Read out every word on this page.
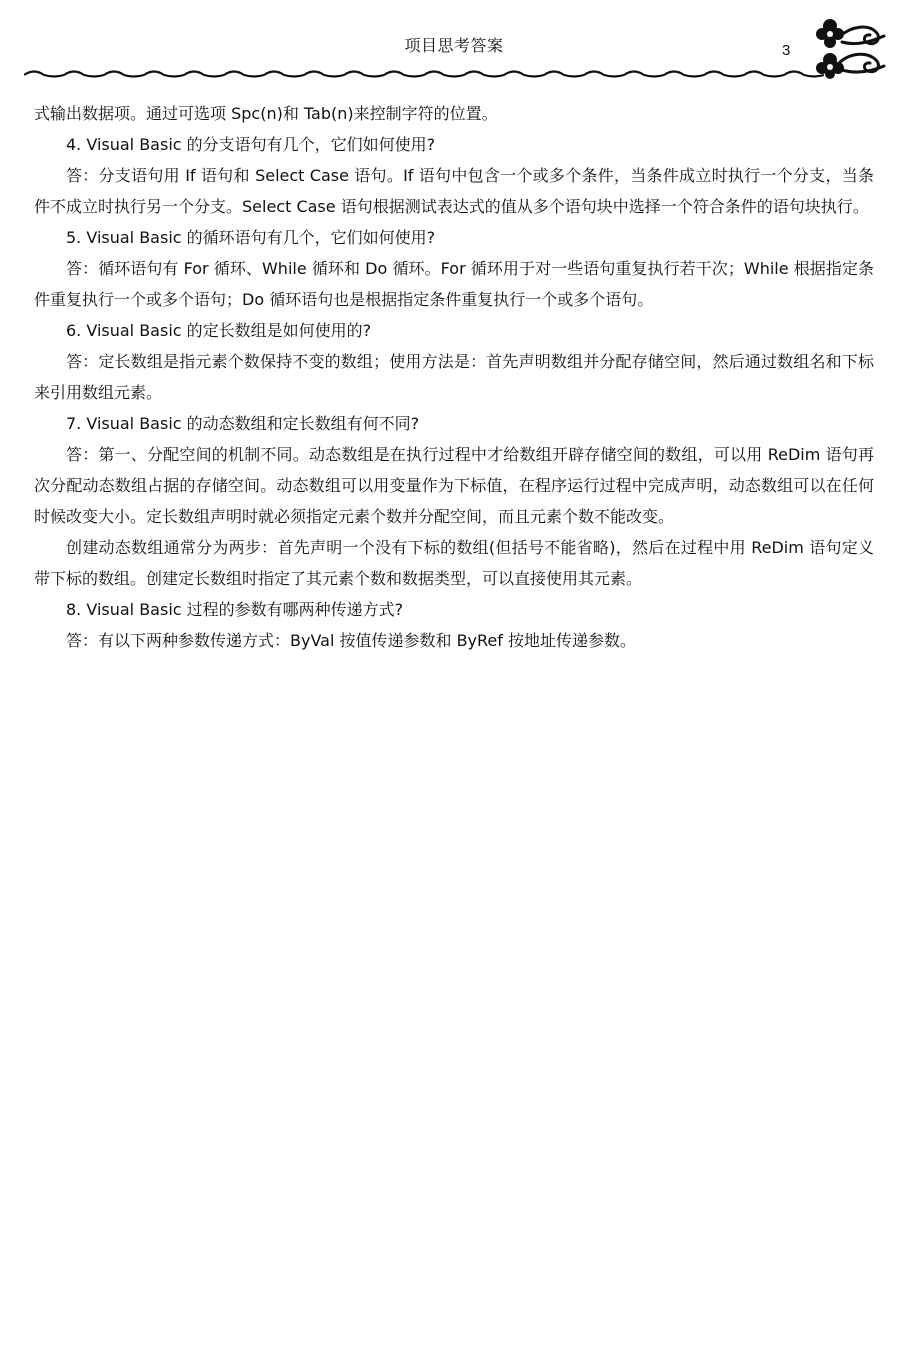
项目思考答案	3

式输出数据项。通过可选项 Spc(n)和 Tab(n)来控制字符的位置。

4. Visual Basic 的分支语句有几个，它们如何使用?

答：分支语句用 If 语句和 Select Case 语句。If 语句中包含一个或多个条件，当条件成立时执行一个分支，当条件不成立时执行另一个分支。Select Case 语句根据测试表达式的值从多个语句块中选择一个符合条件的语句块执行。

5. Visual Basic 的循环语句有几个，它们如何使用?

答：循环语句有 For 循环、While 循环和 Do 循环。For 循环用于对一些语句重复执行若干次；While 根据指定条件重复执行一个或多个语句；Do 循环语句也是根据指定条件重复执行一个或多个语句。

6. Visual Basic 的定长数组是如何使用的?

答：定长数组是指元素个数保持不变的数组；使用方法是：首先声明数组并分配存储空间，然后通过数组名和下标来引用数组元素。

7. Visual Basic 的动态数组和定长数组有何不同?

答：第一、分配空间的机制不同。动态数组是在执行过程中才给数组开辟存储空间的数组，可以用 ReDim 语句再次分配动态数组占据的存储空间。动态数组可以用变量作为下标值，在程序运行过程中完成声明，动态数组可以在任何时候改变大小。定长数组声明时就必须指定元素个数并分配空间，而且元素个数不能改变。

创建动态数组通常分为两步：首先声明一个没有下标的数组(但括号不能省略)，然后在过程中用 ReDim 语句定义带下标的数组。创建定长数组时指定了其元素个数和数据类型，可以直接使用其元素。

8. Visual Basic 过程的参数有哪两种传递方式?

答：有以下两种参数传递方式：ByVal 按值传递参数和 ByRef 按地址传递参数。
